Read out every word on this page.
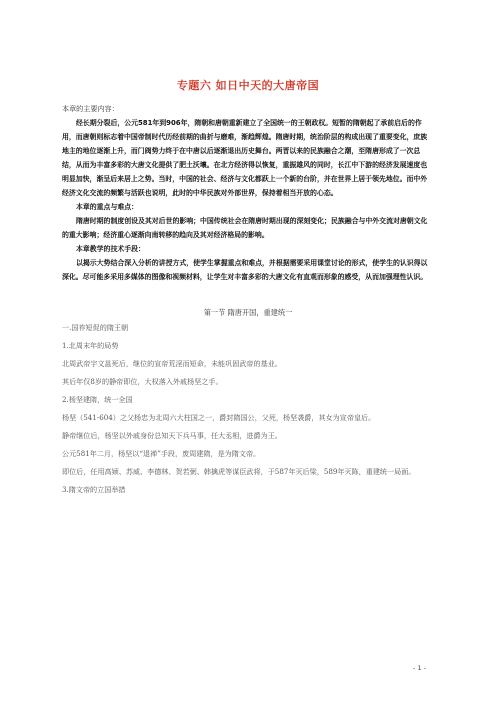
专题六 如日中天的大唐帝国

本章的主要内容：

经长期分裂后，公元581年到906年，隋朝和唐朝重新建立了全国统一的王朝政权。短暂的隋朝起了承前启后的作用，而唐朝则标志着中国帝制时代历经前期的曲折与磨难，渐趋辉煌。隋唐时期，统治阶层的构成出现了重要变化，庶族地主的地位逐渐上升，而门阀势力终于在中唐以后逐渐退出历史舞台。两晋以来的民族融合之潮，至隋唐形成了一次总结，从而为丰富多彩的大唐文化提供了肥土沃壤。在北方经济得以恢复，重振雄风的同时，长江中下游的经济发展速度也明显加快，渐呈后来居上之势。当时，中国的社会、经济与文化都跃上一个新的台阶，并在世界上居于领先地位。而中外经济文化交流的频繁与活跃也说明，此时的中华民族对外部世界，保持着相当开放的心态。

本章的重点与难点：

隋唐时期的制度创设及其对后世的影响；中国传统社会在隋唐时期出现的深刻变化；民族融合与中外交流对唐朝文化的重大影响；经济重心逐渐向南转移的趋向及其对经济格局的影响。

本章教学的技术手段：

以揭示大势结合深入分析的讲授方式，使学生掌握重点和难点，并根据需要采用课堂讨论的形式，使学生的认识得以深化。尽可能多采用多媒体的图像和视频材料，让学生对丰富多彩的大唐文化有直观而形象的感受，从而加强理性认识。

第一节 隋唐开国，重建统一

一.国祚短促的隋王朝

1.北周末年的局势

北周武帝宇文邕死后，继位的宣帝荒淫而短命，未能巩固武帝的基业。

其后年仅8岁的静帝即位，大权落入外戚杨坚之手。

2.杨坚建隋，统一全国

杨坚（541-604）之父杨忠为北周六大柱国之一，爵封隋国公，父死，杨坚袭爵，其女为宣帝皇后。

静帝继位后，杨坚以外戚身份总知天下兵马事，任大丞相，进爵为王。

公元581年二月，杨坚以“退禅”手段，废周建隋，是为隋文帝。

即位后，任用高颎、苏威、李德林、贺若弼、韩擒虎等谋臣武将，于587年灭后梁，589年灭陈，重建统一局面。

3.隋文帝的立国举措

- 1 -
